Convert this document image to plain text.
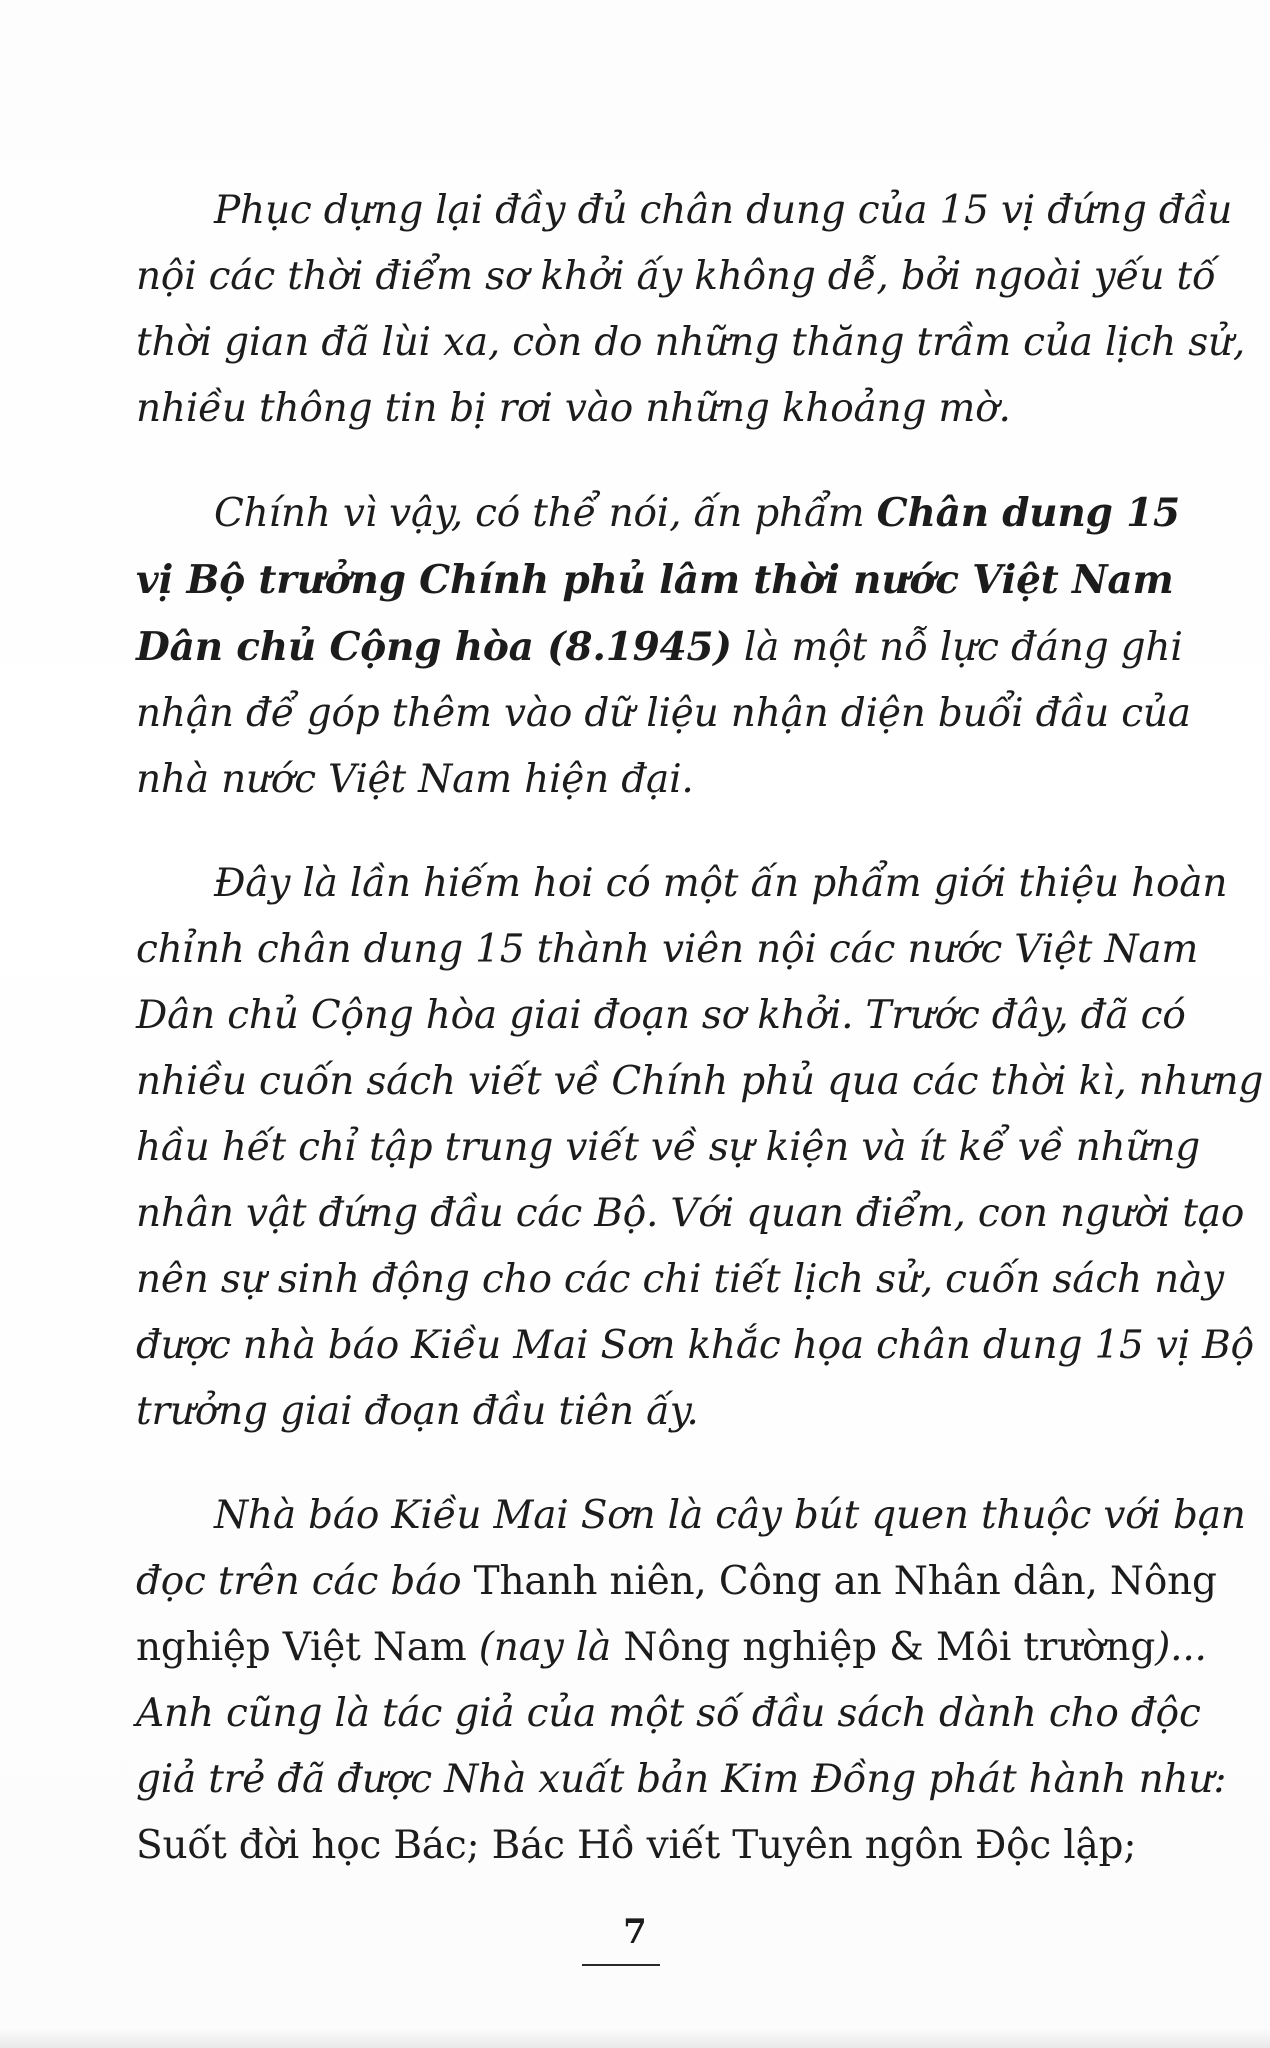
Phục dựng lại đầy đủ chân dung của 15 vị đứng đầu
nội các thời điểm sơ khởi ấy không dễ, bởi ngoài yếu tố
thời gian đã lùi xa, còn do những thăng trầm của lịch sử,
nhiều thông tin bị rơi vào những khoảng mờ.

Chính vì vậy, có thể nói, ấn phẩm Chân dung 15
vị Bộ trưởng Chính phủ lâm thời nước Việt Nam
Dân chủ Cộng hòa (8.1945) là một nỗ lực đáng ghi
nhận để góp thêm vào dữ liệu nhận diện buổi đầu của
nhà nước Việt Nam hiện đại.

Đây là lần hiếm hoi có một ấn phẩm giới thiệu hoàn
chỉnh chân dung 15 thành viên nội các nước Việt Nam
Dân chủ Cộng hòa giai đoạn sơ khởi. Trước đây, đã có
nhiều cuốn sách viết về Chính phủ qua các thời kì, nhưng
hầu hết chỉ tập trung viết về sự kiện và ít kể về những
nhân vật đứng đầu các Bộ. Với quan điểm, con người tạo
nên sự sinh động cho các chi tiết lịch sử, cuốn sách này
được nhà báo Kiều Mai Sơn khắc họa chân dung 15 vị Bộ
trưởng giai đoạn đầu tiên ấy.

Nhà báo Kiều Mai Sơn là cây bút quen thuộc với bạn
đọc trên các báo Thanh niên, Công an Nhân dân, Nông
nghiệp Việt Nam (nay là Nông nghiệp & Môi trường)...
Anh cũng là tác giả của một số đầu sách dành cho độc
giả trẻ đã được Nhà xuất bản Kim Đồng phát hành như:
Suốt đời học Bác; Bác Hồ viết Tuyên ngôn Độc lập;

7
